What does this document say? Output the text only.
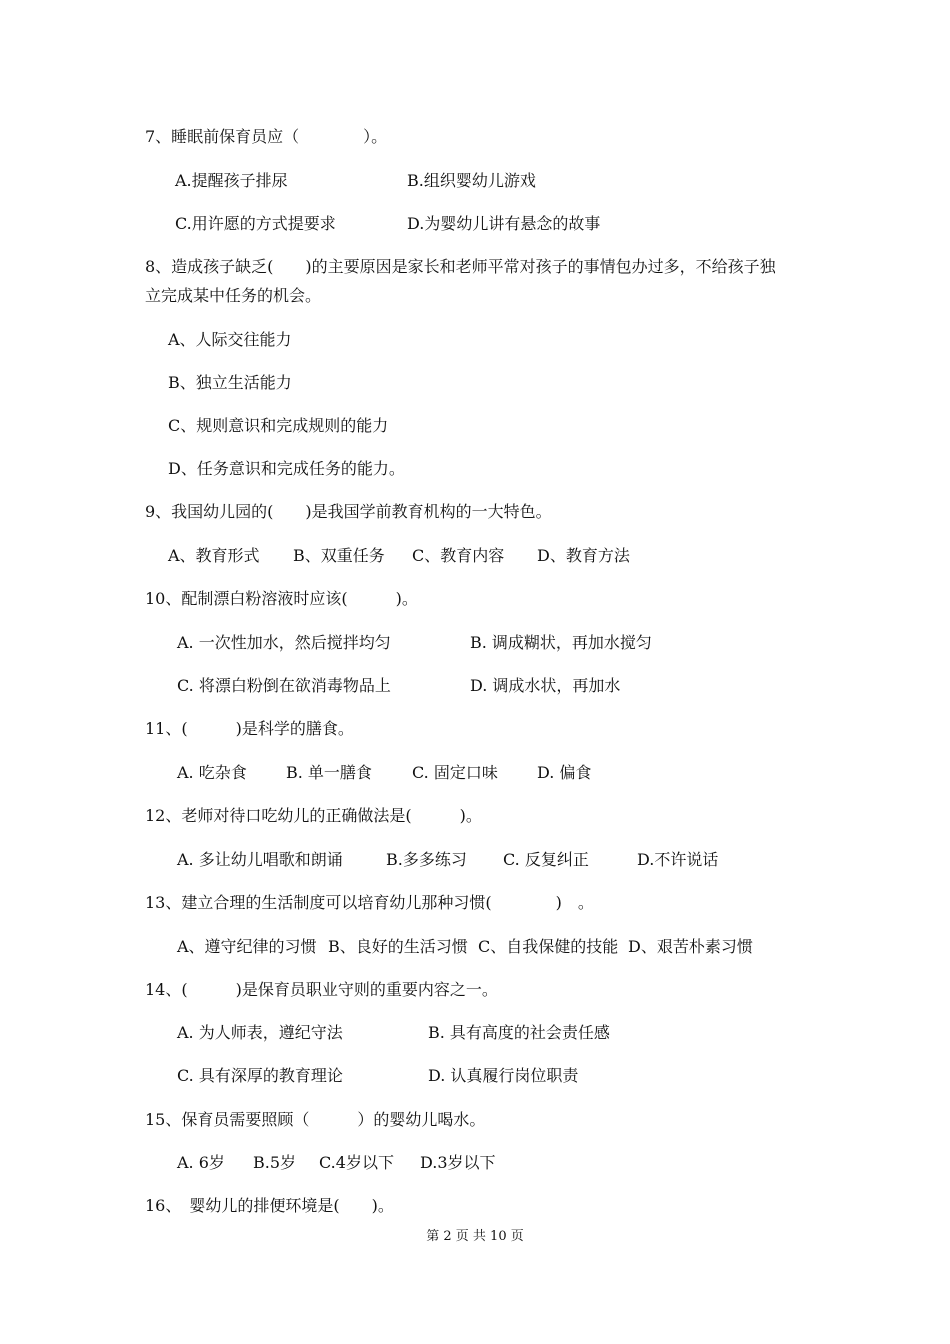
7、睡眠前保育员应（　　　　）。
A.提醒孩子排尿	B.组织婴幼儿游戏
C.用许愿的方式提要求	D.为婴幼儿讲有悬念的故事
8、造成孩子缺乏(　　)的主要原因是家长和老师平常对孩子的事情包办过多，不给孩子独
立完成某中任务的机会。
A、人际交往能力
B、独立生活能力
C、规则意识和完成规则的能力
D、任务意识和完成任务的能力。
9、我国幼儿园的(　　)是我国学前教育机构的一大特色。
A、教育形式 B、双重任务 C、教育内容 D、教育方法
10、配制漂白粉溶液时应该(　　　)。
A. 一次性加水，然后搅拌均匀	B. 调成糊状，再加水搅匀
C. 将漂白粉倒在欲消毒物品上	D. 调成水状，再加水
11、(　　　)是科学的膳食。
A. 吃杂食 B. 单一膳食	C. 固定口味 D. 偏食
12、老师对待口吃幼儿的正确做法是(　　　)。
A. 多让幼儿唱歌和朗诵	B.多多练习 C. 反复纠正	D.不许说话
13、建立合理的生活制度可以培育幼儿那种习惯(　　　　)　。
A、遵守纪律的习惯 B、良好的生活习惯 C、自我保健的技能 D、艰苦朴素习惯
14、(　　　)是保育员职业守则的重要内容之一。
A. 为人师表，遵纪守法	B. 具有高度的社会责任感
C. 具有深厚的教育理论	D. 认真履行岗位职责
15、保育员需要照顾（　　　）的婴幼儿喝水。
A. 6岁 B.5岁 C.4岁以下 D.3岁以下
16、　婴幼儿的排便环境是(　　)。
第 2 页 共 10 页
